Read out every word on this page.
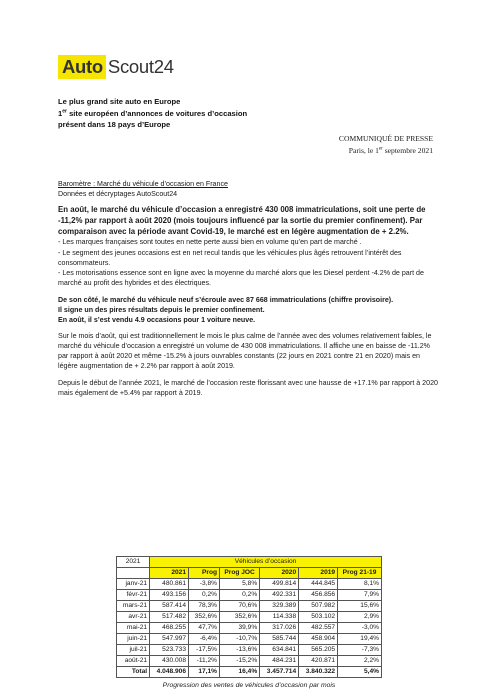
Auto Scout24
Le plus grand site auto en Europe
1er site européen d’annonces de voitures d’occasion
présent dans 18 pays d’Europe
COMMUNIQUÉ DE PRESSE
Paris, le 1er septembre 2021
Baromètre : Marché du véhicule d’occasion en France
Données et décryptages AutoScout24
En août, le marché du véhicule d’occasion a enregistré 430 008 immatriculations, soit une perte de -11,2% par rapport à août 2020 (mois toujours influencé par la sortie du premier confinement). Par comparaison avec la période avant Covid-19, le marché est en légère augmentation de + 2.2%.
- Les marques françaises sont toutes en nette perte aussi bien en volume qu’en part de marché .
- Le segment des jeunes occasions est en net recul tandis que les véhicules plus âgés retrouvent l’intérêt des consommateurs.
- Les motorisations essence sont en ligne avec la moyenne du marché alors que les Diesel perdent -4.2% de part de marché au profit des hybrides et des électriques.
De son côté, le marché du véhicule neuf s’écroule avec 87 668 immatriculations (chiffre provisoire).
Il signe un des pires résultats depuis le premier confinement.
En août, il s’est vendu 4.9 occasions pour 1 voiture neuve.
Sur le mois d’août, qui est traditionnellement le mois le plus calme de l’année avec des volumes relativement faibles, le marché du véhicule d’occasion a enregistré un volume de 430 008 immatriculations. Il affiche une en baisse de -11.2% par rapport à août 2020 et même -15.2% à jours ouvrables constants (22 jours en 2021 contre 21 en 2020) mais en légère augmentation de + 2.2% par rapport à août 2019.
Depuis le début de l’année 2021, le marché de l’occasion reste florissant avec une hausse de +17.1% par rapport à 2020 mais également de +5.4% par rapport à 2019.
2021	Véhicules d’occasion					
	2021	Prog	Prog JOC	2020	2019	Prog 21-19
janv-21	480.861	-3,8%	5,8%	499.814	444.845	8,1%
févr-21	493.156	0,2%	0,2%	492.331	456.856	7,9%
mars-21	587.414	78,3%	70,6%	329.389	507.982	15,6%
avr-21	517.482	352,6%	352,6%	114.338	503.102	2,9%
mai-21	468.255	47,7%	39,9%	317.026	482.557	-3,0%
juin-21	547.997	-6,4%	-10,7%	585.744	458.904	19,4%
juil-21	523.733	-17,5%	-13,6%	634.841	565.205	-7,3%
août-21	430.008	-11,2%	-15,2%	484.231	420.871	2,2%
Total	4.048.906	17,1%	16,4%	3.457.714	3.840.322	5,4%
Progression des ventes de véhicules d’occasion par mois
